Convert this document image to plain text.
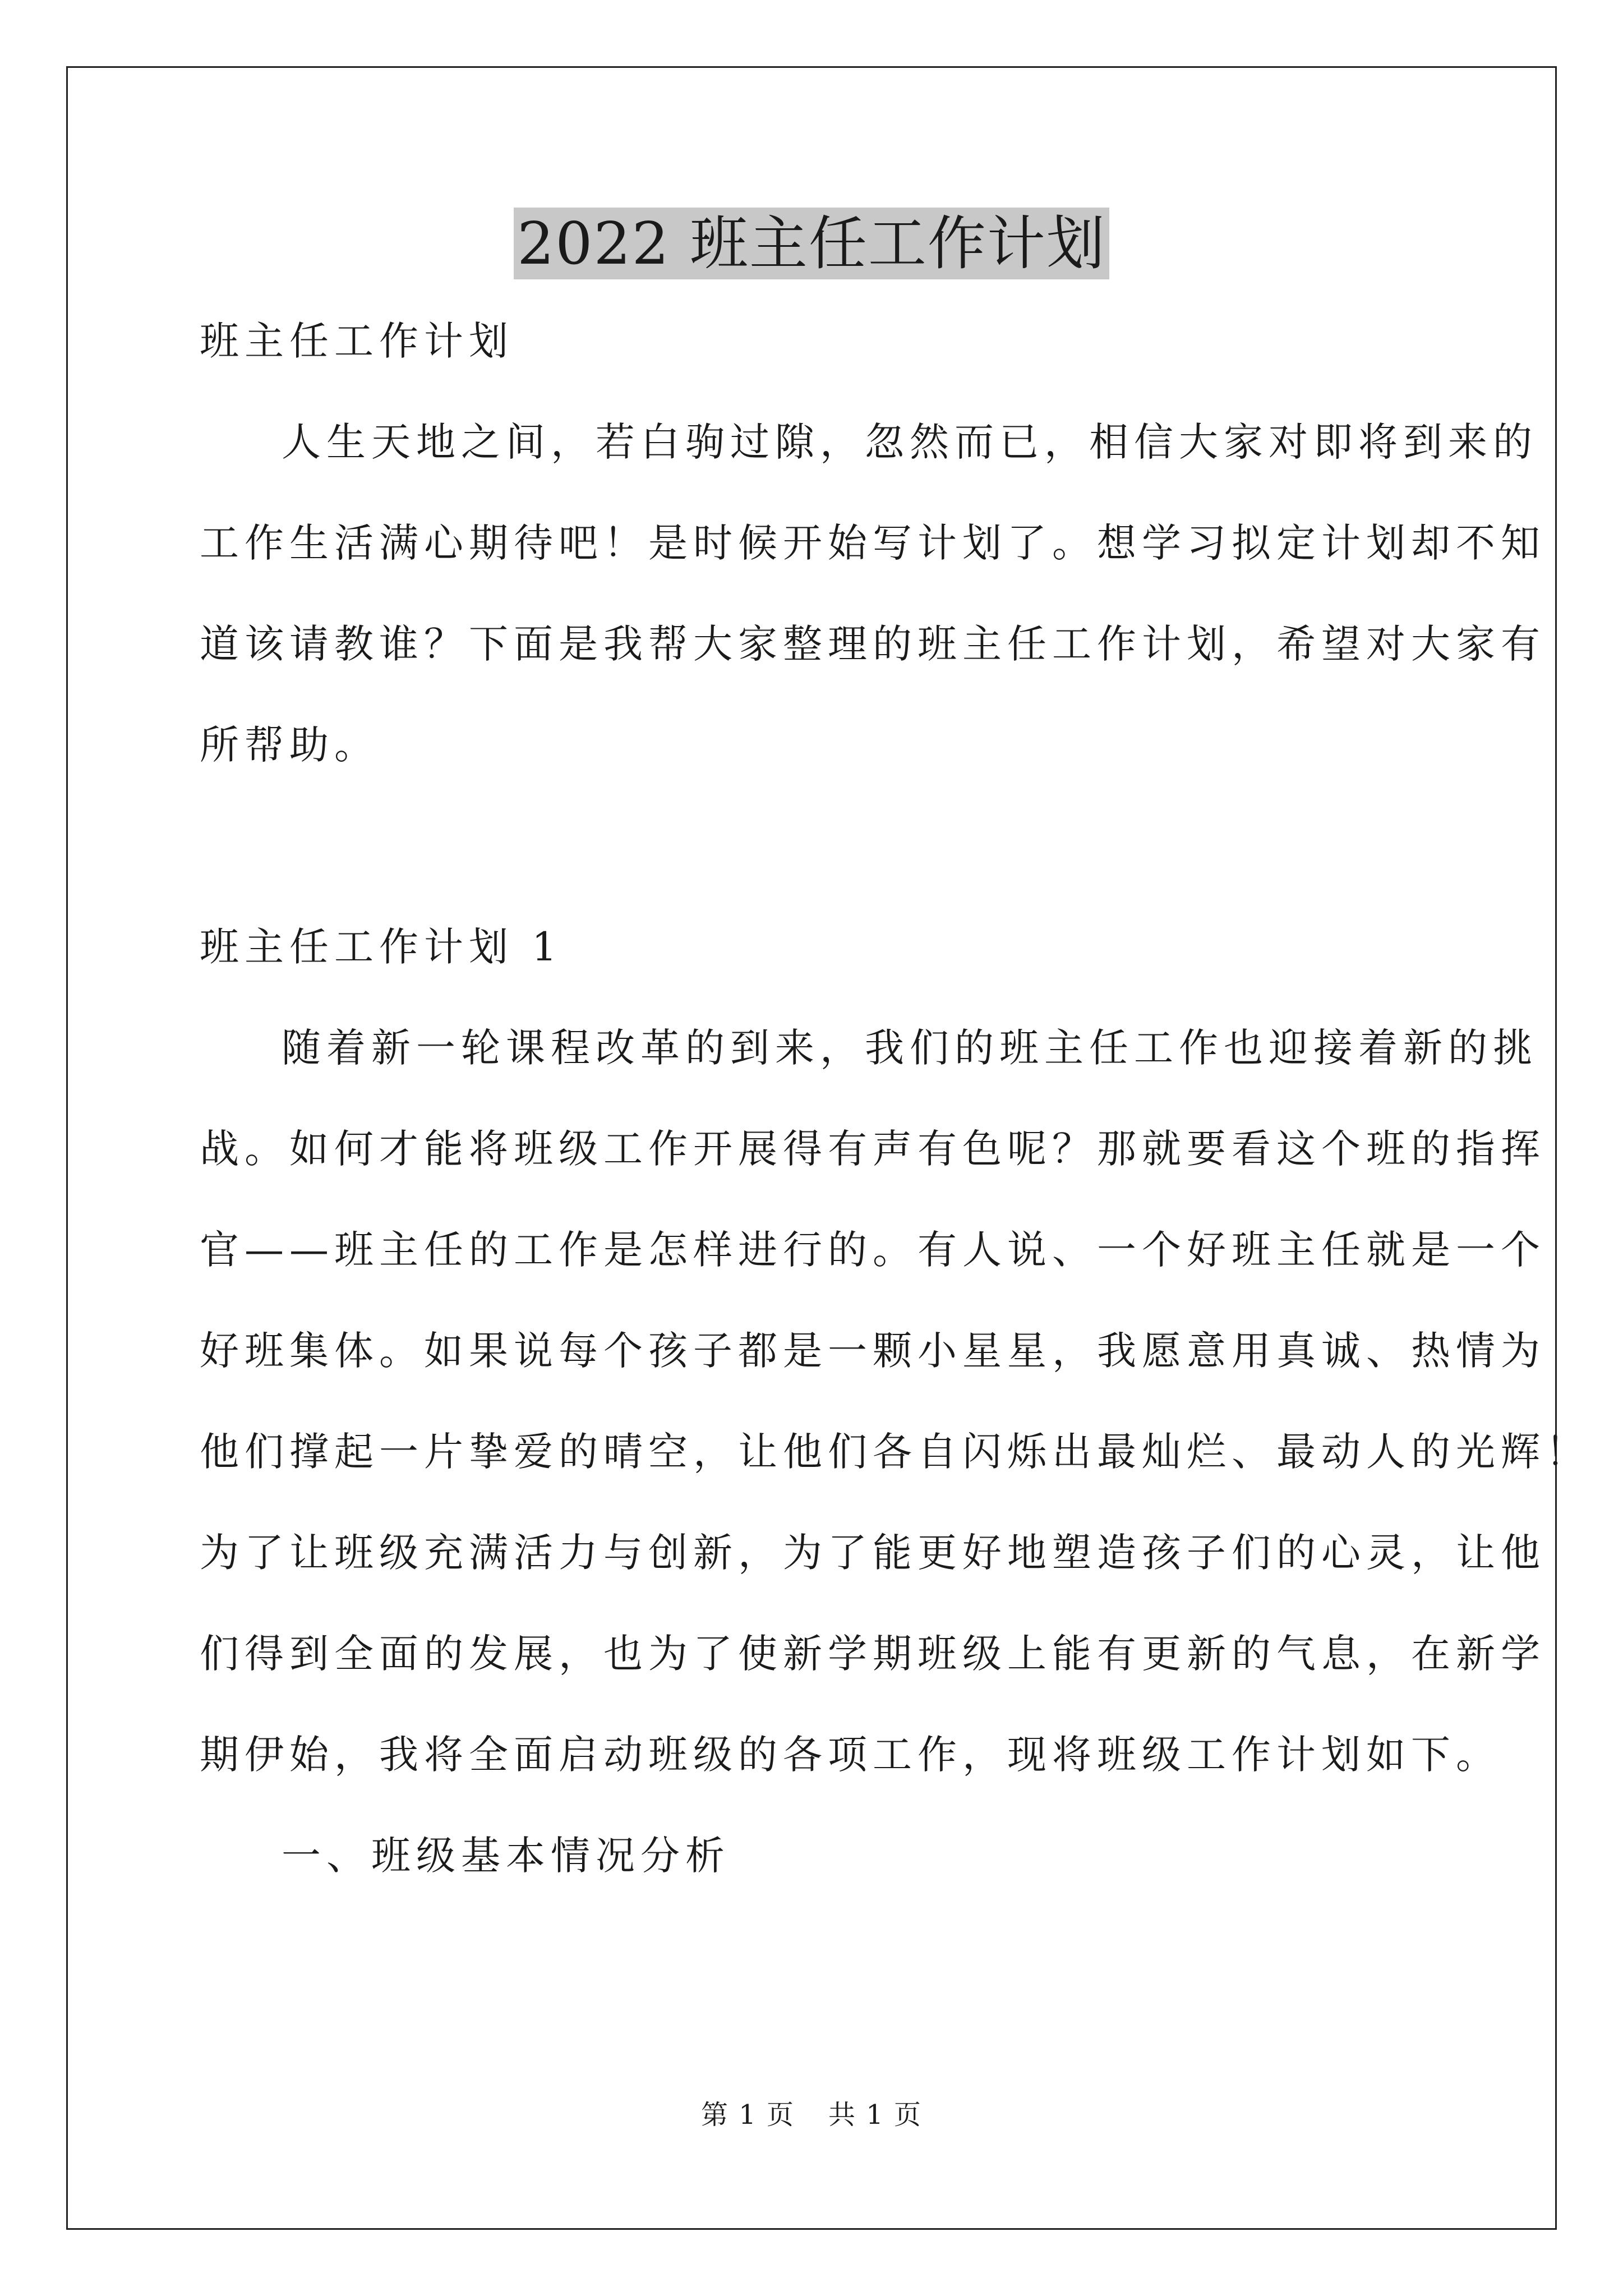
2022 班主任工作计划
班主任工作计划
人生天地之间，若白驹过隙，忽然而已，相信大家对即将到来的
工作生活满心期待吧！是时候开始写计划了。想学习拟定计划却不知
道该请教谁？下面是我帮大家整理的班主任工作计划，希望对大家有
所帮助。
班主任工作计划 1
随着新一轮课程改革的到来，我们的班主任工作也迎接着新的挑
战。如何才能将班级工作开展得有声有色呢？那就要看这个班的指挥
官——班主任的工作是怎样进行的。有人说、一个好班主任就是一个
好班集体。如果说每个孩子都是一颗小星星，我愿意用真诚、热情为
他们撑起一片挚爱的晴空，让他们各自闪烁出最灿烂、最动人的光辉！
为了让班级充满活力与创新，为了能更好地塑造孩子们的心灵，让他
们得到全面的发展，也为了使新学期班级上能有更新的气息，在新学
期伊始，我将全面启动班级的各项工作，现将班级工作计划如下。
一、班级基本情况分析
第 1 页 共 1 页
